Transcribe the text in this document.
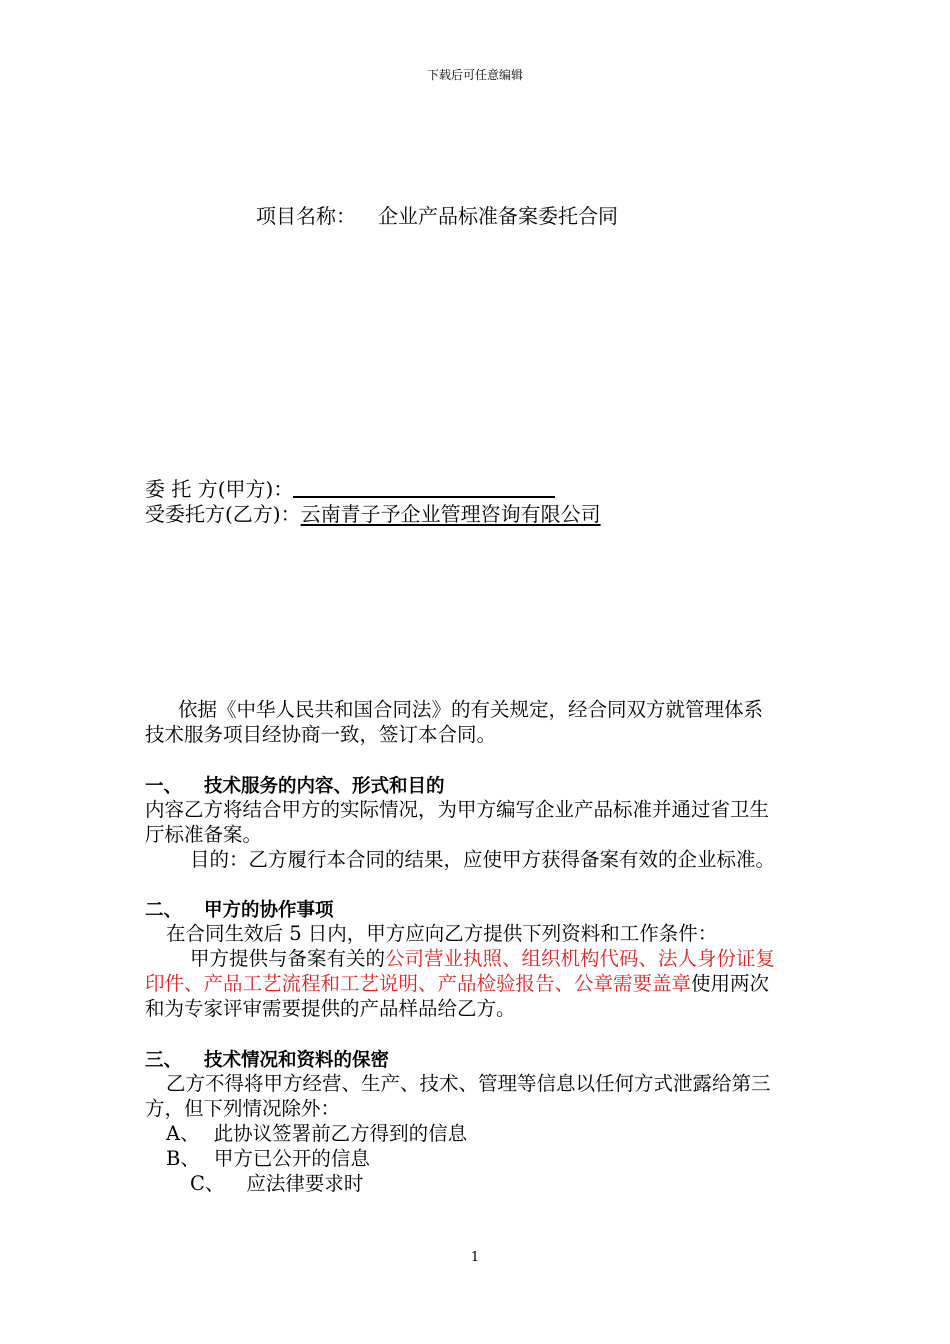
下载后可任意编辑
项目名称： 企业产品标准备案委托合同
委 托 方(甲方)：
受委托方(乙方)：云南青子予企业管理咨询有限公司
依据《中华人民共和国合同法》的有关规定，经合同双方就管理体系
技术服务项目经协商一致，签订本合同。
一、 技术服务的内容、形式和目的
内容乙方将结合甲方的实际情况，为甲方编写企业产品标准并通过省卫生
厅标准备案。
目的：乙方履行本合同的结果，应使甲方获得备案有效的企业标准。
二、 甲方的协作事项
在合同生效后 5 日内，甲方应向乙方提供下列资料和工作条件：
甲方提供与备案有关的公司营业执照、组织机构代码、法人身份证复
印件、产品工艺流程和工艺说明、产品检验报告、公章需要盖章使用两次
和为专家评审需要提供的产品样品给乙方。
三、 技术情况和资料的保密
乙方不得将甲方经营、生产、技术、管理等信息以任何方式泄露给第三
方，但下列情况除外：
A、 此协议签署前乙方得到的信息
B、 甲方已公开的信息
C、 应法律要求时
1
